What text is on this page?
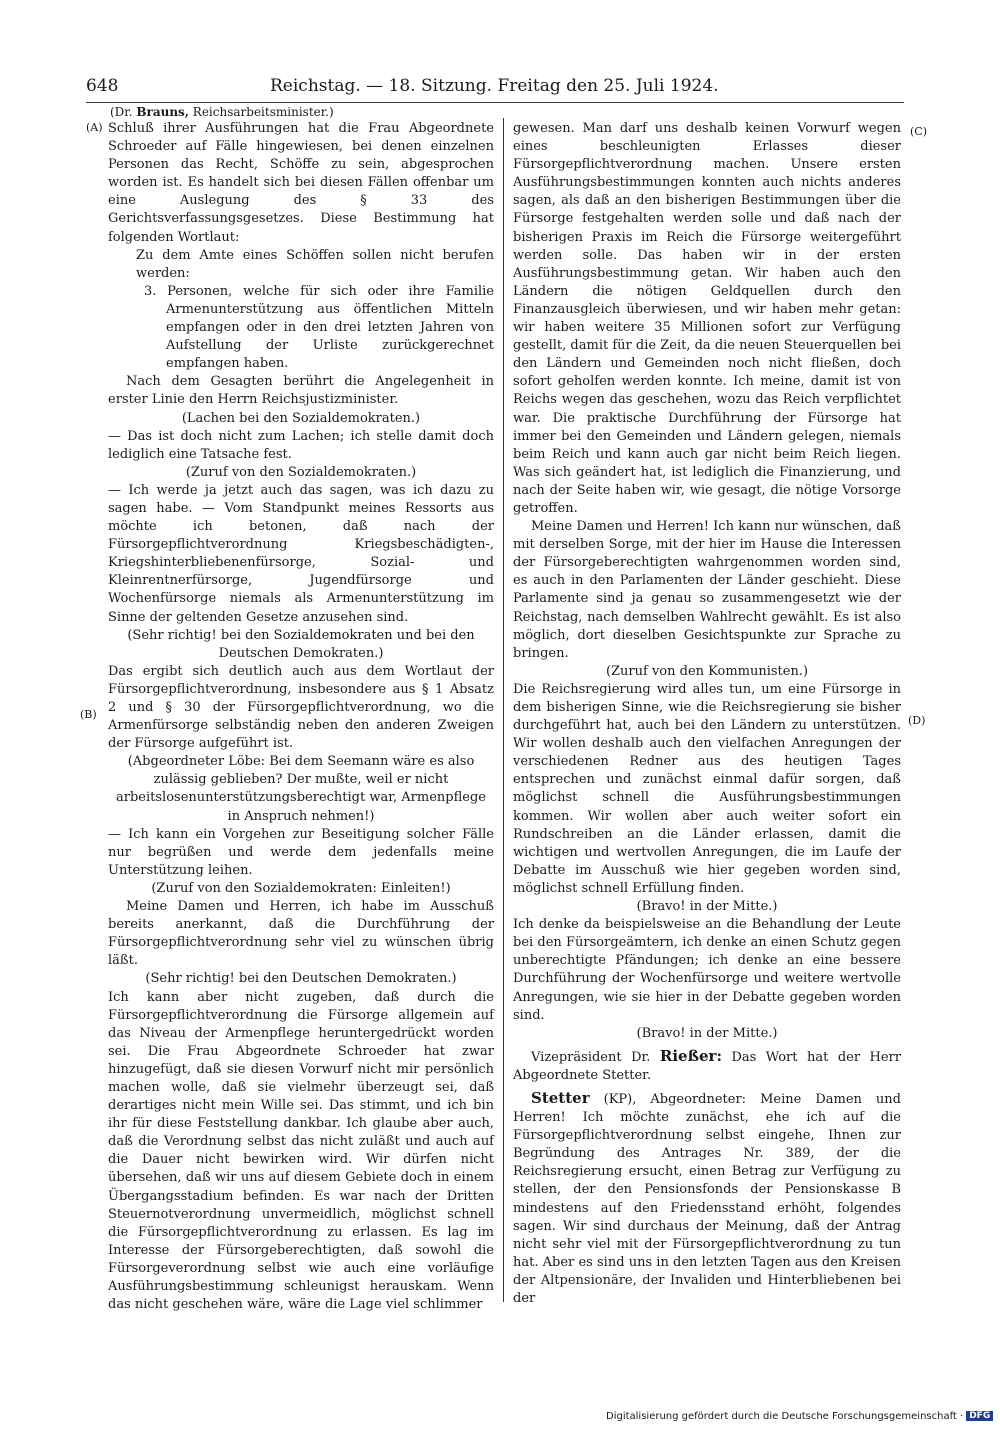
648	Reichstag. — 18. Sitzung. Freitag den 25. Juli 1924.
(Dr. Brauns, Reichsarbeitsminister.)
(A)
(B)
(C)
(D)

Schluß ihrer Ausführungen hat die Frau Abgeordnete Schroeder auf Fälle hingewiesen, bei denen einzelnen Personen das Recht, Schöffe zu sein, abgesprochen worden ist. Es handelt sich bei diesen Fällen offenbar um eine Auslegung des § 33 des Gerichtsverfassungsgesetzes. Diese Bestimmung hat folgenden Wortlaut:

Zu dem Amte eines Schöffen sollen nicht berufen werden:

3. Personen, welche für sich oder ihre Familie Armenunterstützung aus öffentlichen Mitteln empfangen oder in den drei letzten Jahren von Aufstellung der Urliste zurückgerechnet empfangen haben.

Nach dem Gesagten berührt die Angelegenheit in erster Linie den Herrn Reichsjustizminister.

(Lachen bei den Sozialdemokraten.)

— Das ist doch nicht zum Lachen; ich stelle damit doch lediglich eine Tatsache fest.

(Zuruf von den Sozialdemokraten.)

— Ich werde ja jetzt auch das sagen, was ich dazu zu sagen habe. — Vom Standpunkt meines Ressorts aus möchte ich betonen, daß nach der Fürsorgepflichtverordnung Kriegsbeschädigten-, Kriegshinterbliebenenfürsorge, Sozial- und Kleinrentnerfürsorge, Jugendfürsorge und Wochenfürsorge niemals als Armenunterstützung im Sinne der geltenden Gesetze anzusehen sind.

(Sehr richtig! bei den Sozialdemokraten und bei den Deutschen Demokraten.)

Das ergibt sich deutlich auch aus dem Wortlaut der Fürsorgepflichtverordnung, insbesondere aus § 1 Absatz 2 und § 30 der Fürsorgepflichtverordnung, wo die Armenfürsorge selbständig neben den anderen Zweigen der Fürsorge aufgeführt ist.

(Abgeordneter Löbe: Bei dem Seemann wäre es also zulässig geblieben? Der mußte, weil er nicht arbeitslosenunterstützungsberechtigt war, Armenpflege in Anspruch nehmen!)

— Ich kann ein Vorgehen zur Beseitigung solcher Fälle nur begrüßen und werde dem jedenfalls meine Unterstützung leihen.

(Zuruf von den Sozialdemokraten: Einleiten!)

Meine Damen und Herren, ich habe im Ausschuß bereits anerkannt, daß die Durchführung der Fürsorgepflichtverordnung sehr viel zu wünschen übrig läßt.

(Sehr richtig! bei den Deutschen Demokraten.)

Ich kann aber nicht zugeben, daß durch die Fürsorgepflichtverordnung die Fürsorge allgemein auf das Niveau der Armenpflege heruntergedrückt worden sei. Die Frau Abgeordnete Schroeder hat zwar hinzugefügt, daß sie diesen Vorwurf nicht mir persönlich machen wolle, daß sie vielmehr überzeugt sei, daß derartiges nicht mein Wille sei. Das stimmt, und ich bin ihr für diese Feststellung dankbar. Ich glaube aber auch, daß die Verordnung selbst das nicht zuläßt und auch auf die Dauer nicht bewirken wird. Wir dürfen nicht übersehen, daß wir uns auf diesem Gebiete doch in einem Übergangsstadium befinden. Es war nach der Dritten Steuernotverordnung unvermeidlich, möglichst schnell die Fürsorgepflichtverordnung zu erlassen. Es lag im Interesse der Fürsorgeberechtigten, daß sowohl die Fürsorgeverordnung selbst wie auch eine vorläufige Ausführungsbestimmung schleunigst herauskam. Wenn das nicht geschehen wäre, wäre die Lage viel schlimmer

gewesen. Man darf uns deshalb keinen Vorwurf wegen eines beschleunigten Erlasses dieser Fürsorgepflichtverordnung machen. Unsere ersten Ausführungsbestimmungen konnten auch nichts anderes sagen, als daß an den bisherigen Bestimmungen über die Fürsorge festgehalten werden solle und daß nach der bisherigen Praxis im Reich die Fürsorge weitergeführt werden solle. Das haben wir in der ersten Ausführungsbestimmung getan. Wir haben auch den Ländern die nötigen Geldquellen durch den Finanzausgleich überwiesen, und wir haben mehr getan: wir haben weitere 35 Millionen sofort zur Verfügung gestellt, damit für die Zeit, da die neuen Steuerquellen bei den Ländern und Gemeinden noch nicht fließen, doch sofort geholfen werden konnte. Ich meine, damit ist von Reichs wegen das geschehen, wozu das Reich verpflichtet war. Die praktische Durchführung der Fürsorge hat immer bei den Gemeinden und Ländern gelegen, niemals beim Reich und kann auch gar nicht beim Reich liegen. Was sich geändert hat, ist lediglich die Finanzierung, und nach der Seite haben wir, wie gesagt, die nötige Vorsorge getroffen.

Meine Damen und Herren! Ich kann nur wünschen, daß mit derselben Sorge, mit der hier im Hause die Interessen der Fürsorgeberechtigten wahrgenommen worden sind, es auch in den Parlamenten der Länder geschieht. Diese Parlamente sind ja genau so zusammengesetzt wie der Reichstag, nach demselben Wahlrecht gewählt. Es ist also möglich, dort dieselben Gesichtspunkte zur Sprache zu bringen.

(Zuruf von den Kommunisten.)

Die Reichsregierung wird alles tun, um eine Fürsorge in dem bisherigen Sinne, wie die Reichsregierung sie bisher durchgeführt hat, auch bei den Ländern zu unterstützen. Wir wollen deshalb auch den vielfachen Anregungen der verschiedenen Redner aus des heutigen Tages entsprechen und zunächst einmal dafür sorgen, daß möglichst schnell die Ausführungsbestimmungen kommen. Wir wollen aber auch weiter sofort ein Rundschreiben an die Länder erlassen, damit die wichtigen und wertvollen Anregungen, die im Laufe der Debatte im Ausschuß wie hier gegeben worden sind, möglichst schnell Erfüllung finden.

(Bravo! in der Mitte.)

Ich denke da beispielsweise an die Behandlung der Leute bei den Fürsorgeämtern, ich denke an einen Schutz gegen unberechtigte Pfändungen; ich denke an eine bessere Durchführung der Wochenfürsorge und weitere wertvolle Anregungen, wie sie hier in der Debatte gegeben worden sind.

(Bravo! in der Mitte.)

Vizepräsident Dr. Rießer: Das Wort hat der Herr Abgeordnete Stetter.

Stetter (KP), Abgeordneter: Meine Damen und Herren! Ich möchte zunächst, ehe ich auf die Fürsorgepflichtverordnung selbst eingehe, Ihnen zur Begründung des Antrages Nr. 389, der die Reichsregierung ersucht, einen Betrag zur Verfügung zu stellen, der den Pensionsfonds der Pensionskasse B mindestens auf den Friedensstand erhöht, folgendes sagen. Wir sind durchaus der Meinung, daß der Antrag nicht sehr viel mit der Fürsorgepflichtverordnung zu tun hat. Aber es sind uns in den letzten Tagen aus den Kreisen der Altpensionäre, der Invaliden und Hinterbliebenen bei der

Digitalisierung gefördert durch die Deutsche Forschungsgemeinschaft · DFG
